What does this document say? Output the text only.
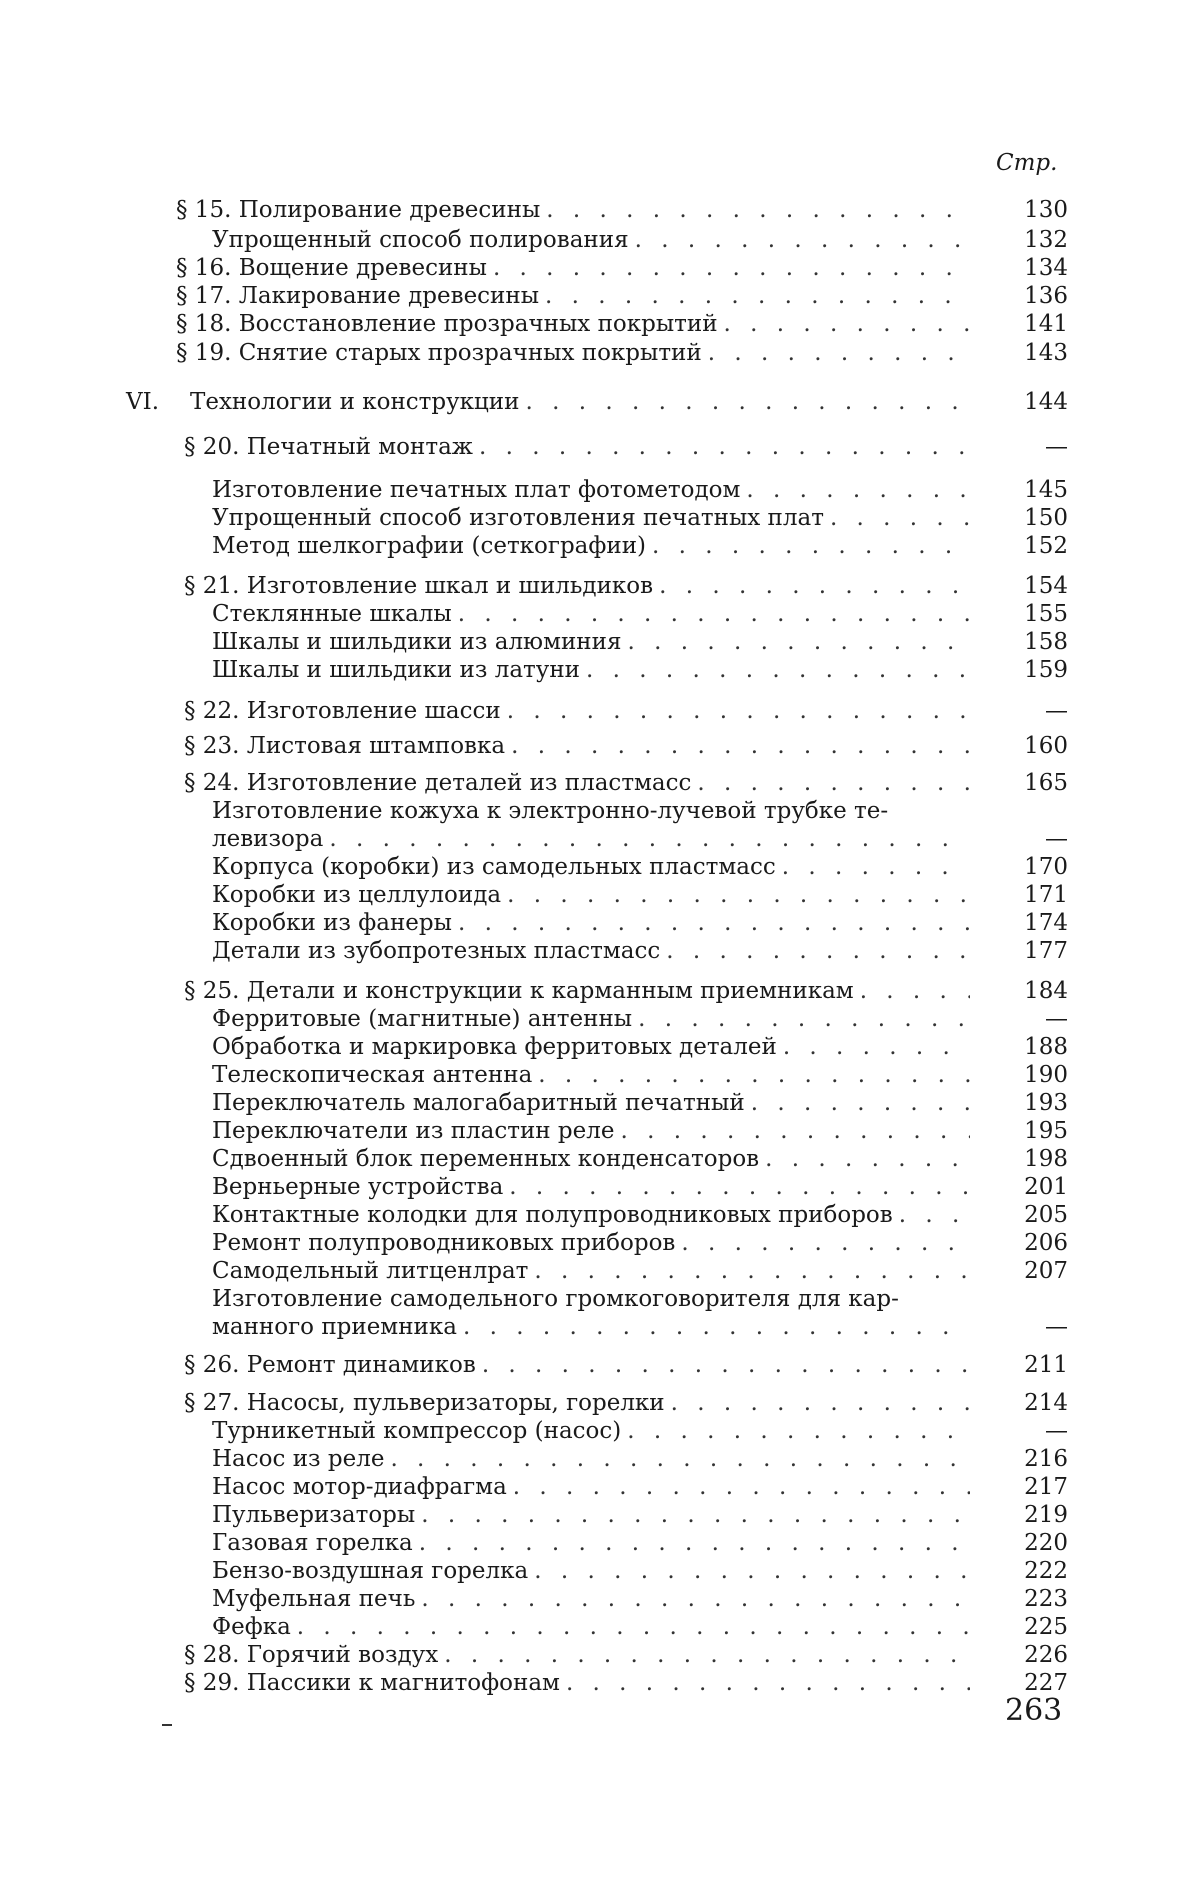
Стр.
§ 15. Полирование древесины . . .	130
Упрощенный способ полирования . . .	132
§ 16. Вощение древесины . . .	134
§ 17. Лакирование древесины . . .	136
§ 18. Восстановление прозрачных покрытий . . .	141
§ 19. Снятие старых прозрачных покрытий . . .	143
VI. Технологии и конструкции . . .	144
§ 20. Печатный монтаж . . .	—
Изготовление печатных плат фотометодом . . .	145
Упрощенный способ изготовления печатных плат . . .	150
Метод шелкографии (сеткографии) . . .	152
§ 21. Изготовление шкал и шильдиков . . .	154
Стеклянные шкалы . . .	155
Шкалы и шильдики из алюминия . . .	158
Шкалы и шильдики из латуни . . .	159
§ 22. Изготовление шасси . . .	—
§ 23. Листовая штамповка . . .	160
§ 24. Изготовление деталей из пластмасс . . .	165
Изготовление кожуха к электронно-лучевой трубке те-
левизора . . .	—
Корпуса (коробки) из самодельных пластмасс . . .	170
Коробки из целлулоида . . .	171
Коробки из фанеры . . .	174
Детали из зубопротезных пластмасс . . .	177
§ 25. Детали и конструкции к карманным приемникам . . .	184
Ферритовые (магнитные) антенны . . .	—
Обработка и маркировка ферритовых деталей . . .	188
Телескопическая антенна . . .	190
Переключатель малогабаритный печатный . . .	193
Переключатели из пластин реле . . .	195
Сдвоенный блок переменных конденсаторов . . .	198
Верньерные устройства . . .	201
Контактные колодки для полупроводниковых приборов . . .	205
Ремонт полупроводниковых приборов . . .	206
Самодельный литценлрат . . .	207
Изготовление самодельного громкоговорителя для кар-
манного приемника . . .	—
§ 26. Ремонт динамиков . . .	211
§ 27. Насосы, пульверизаторы, горелки . . .	214
Турникетный компрессор (насос) . . .	—
Насос из реле . . .	216
Насос мотор-диафрагма . . .	217
Пульверизаторы . . .	219
Газовая горелка . . .	220
Бензо-воздушная горелка . . .	222
Муфельная печь . . .	223
Фефка . . .	225
§ 28. Горячий воздух . . .	226
§ 29. Пассики к магнитофонам . . .	227
263
